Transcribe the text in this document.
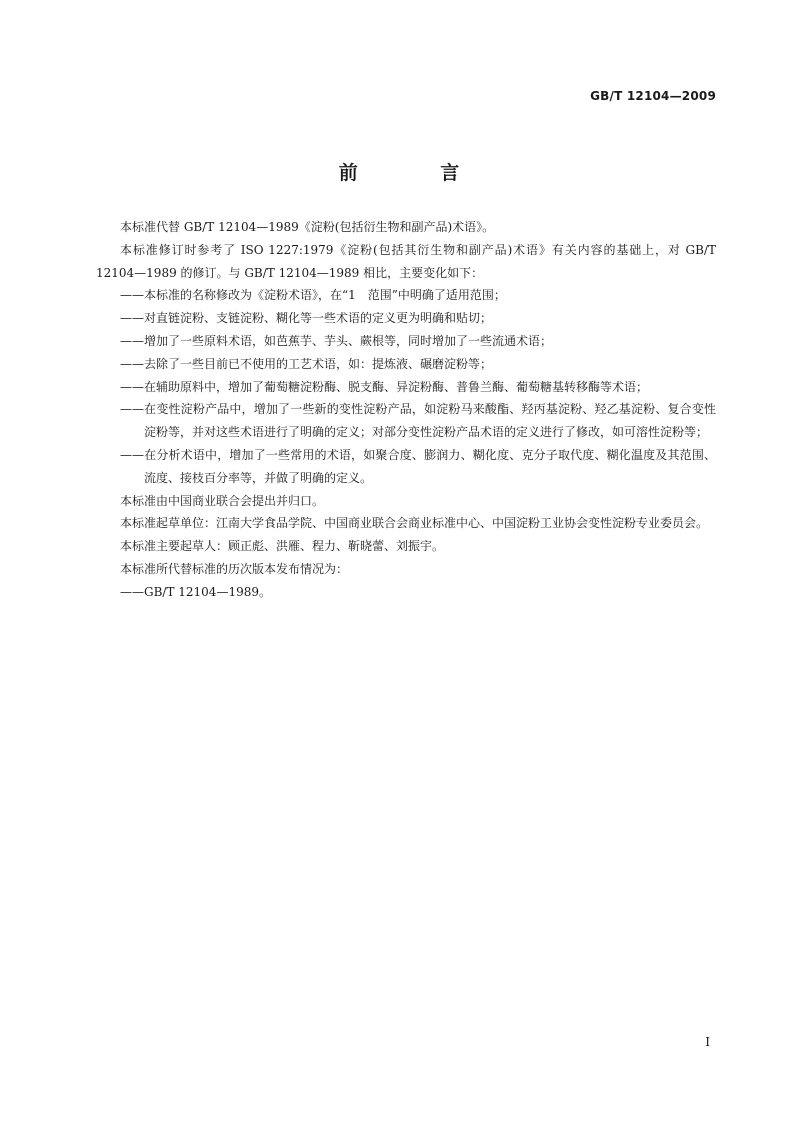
GB/T 12104—2009
前 言

本标准代替 GB/T 12104—1989《淀粉(包括衍生物和副产品)术语》。

本标准修订时参考了 ISO 1227:1979《淀粉(包括其衍生物和副产品)术语》有关内容的基础上，对 GB/T 12104—1989 的修订。与 GB/T 12104—1989 相比，主要变化如下：

——本标准的名称修改为《淀粉术语》，在“1　范围”中明确了适用范围；

——对直链淀粉、支链淀粉、糊化等一些术语的定义更为明确和贴切；

——增加了一些原料术语，如芭蕉芋、芋头、蕨根等，同时增加了一些流通术语；

——去除了一些目前已不使用的工艺术语，如：提炼液、碾磨淀粉等；

——在辅助原料中，增加了葡萄糖淀粉酶、脱支酶、异淀粉酶、普鲁兰酶、葡萄糖基转移酶等术语；

——在变性淀粉产品中，增加了一些新的变性淀粉产品，如淀粉马来酸酯、羟丙基淀粉、羟乙基淀粉、复合变性淀粉等，并对这些术语进行了明确的定义；对部分变性淀粉产品术语的定义进行了修改，如可溶性淀粉等；

——在分析术语中，增加了一些常用的术语，如聚合度、膨润力、糊化度、克分子取代度、糊化温度及其范围、流度、接枝百分率等，并做了明确的定义。

本标准由中国商业联合会提出并归口。

本标准起草单位：江南大学食品学院、中国商业联合会商业标准中心、中国淀粉工业协会变性淀粉专业委员会。

本标准主要起草人：顾正彪、洪雁、程力、靳晓蕾、刘振宇。

本标准所代替标准的历次版本发布情况为：

——GB/T 12104—1989。

I
